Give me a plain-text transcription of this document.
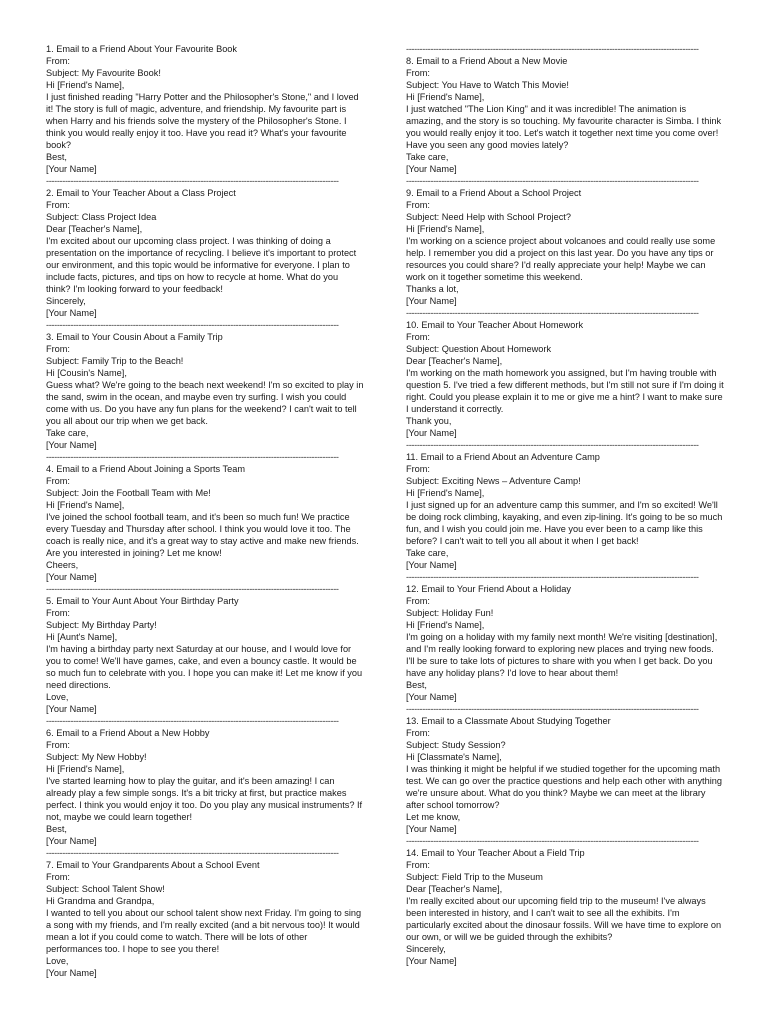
1. Email to a Friend About Your Favourite Book
From:
Subject: My Favourite Book!
Hi [Friend's Name],
I just finished reading "Harry Potter and the Philosopher's Stone," and I loved it! The story is full of magic, adventure, and friendship. My favourite part is when Harry and his friends solve the mystery of the Philosopher's Stone. I think you would really enjoy it too. Have you read it? What's your favourite book?
Best,
[Your Name]
------------------------------------------------------------------------------------------------------------
2. Email to Your Teacher About a Class Project
From:
Subject: Class Project Idea
Dear [Teacher's Name],
I'm excited about our upcoming class project. I was thinking of doing a presentation on the importance of recycling. I believe it's important to protect our environment, and this topic would be informative for everyone. I plan to include facts, pictures, and tips on how to recycle at home. What do you think? I'm looking forward to your feedback!
Sincerely,
[Your Name]
------------------------------------------------------------------------------------------------------------
3. Email to Your Cousin About a Family Trip
From:
Subject: Family Trip to the Beach!
Hi [Cousin's Name],
Guess what? We're going to the beach next weekend! I'm so excited to play in the sand, swim in the ocean, and maybe even try surfing. I wish you could come with us. Do you have any fun plans for the weekend? I can't wait to tell you all about our trip when we get back.
Take care,
[Your Name]
------------------------------------------------------------------------------------------------------------
4. Email to a Friend About Joining a Sports Team
From:
Subject: Join the Football Team with Me!
Hi [Friend's Name],
I've joined the school football team, and it's been so much fun! We practice every Tuesday and Thursday after school. I think you would love it too. The coach is really nice, and it's a great way to stay active and make new friends. Are you interested in joining? Let me know!
Cheers,
[Your Name]
------------------------------------------------------------------------------------------------------------
5. Email to Your Aunt About Your Birthday Party
From:
Subject: My Birthday Party!
Hi [Aunt's Name],
I'm having a birthday party next Saturday at our house, and I would love for you to come! We'll have games, cake, and even a bouncy castle. It would be so much fun to celebrate with you. I hope you can make it! Let me know if you need directions.
Love,
[Your Name]
------------------------------------------------------------------------------------------------------------
6. Email to a Friend About a New Hobby
From:
Subject: My New Hobby!
Hi [Friend's Name],
I've started learning how to play the guitar, and it's been amazing! I can already play a few simple songs. It's a bit tricky at first, but practice makes perfect. I think you would enjoy it too. Do you play any musical instruments? If not, maybe we could learn together!
Best,
[Your Name]
------------------------------------------------------------------------------------------------------------
7. Email to Your Grandparents About a School Event
From:
Subject: School Talent Show!
Hi Grandma and Grandpa,
I wanted to tell you about our school talent show next Friday. I'm going to sing a song with my friends, and I'm really excited (and a bit nervous too)! It would mean a lot if you could come to watch. There will be lots of other performances too. I hope to see you there!
Love,
[Your Name]
------------------------------------------------------------------------------------------------------------
8. Email to a Friend About a New Movie
From:
Subject: You Have to Watch This Movie!
Hi [Friend's Name],
I just watched "The Lion King" and it was incredible! The animation is amazing, and the story is so touching. My favourite character is Simba. I think you would really enjoy it too. Let's watch it together next time you come over! Have you seen any good movies lately?
Take care,
[Your Name]
------------------------------------------------------------------------------------------------------------
9. Email to a Friend About a School Project
From:
Subject: Need Help with School Project?
Hi [Friend's Name],
I'm working on a science project about volcanoes and could really use some help. I remember you did a project on this last year. Do you have any tips or resources you could share? I'd really appreciate your help! Maybe we can work on it together sometime this weekend.
Thanks a lot,
[Your Name]
------------------------------------------------------------------------------------------------------------
10. Email to Your Teacher About Homework
From:
Subject: Question About Homework
Dear [Teacher's Name],
I'm working on the math homework you assigned, but I'm having trouble with question 5. I've tried a few different methods, but I'm still not sure if I'm doing it right. Could you please explain it to me or give me a hint? I want to make sure I understand it correctly.
Thank you,
[Your Name]
------------------------------------------------------------------------------------------------------------
11. Email to a Friend About an Adventure Camp
From:
Subject: Exciting News – Adventure Camp!
Hi [Friend's Name],
I just signed up for an adventure camp this summer, and I'm so excited! We'll be doing rock climbing, kayaking, and even zip-lining. It's going to be so much fun, and I wish you could join me. Have you ever been to a camp like this before? I can't wait to tell you all about it when I get back!
Take care,
[Your Name]
------------------------------------------------------------------------------------------------------------
12. Email to Your Friend About a Holiday
From:
Subject: Holiday Fun!
Hi [Friend's Name],
I'm going on a holiday with my family next month! We're visiting [destination], and I'm really looking forward to exploring new places and trying new foods. I'll be sure to take lots of pictures to share with you when I get back. Do you have any holiday plans? I'd love to hear about them!
Best,
[Your Name]
------------------------------------------------------------------------------------------------------------
13. Email to a Classmate About Studying Together
From:
Subject: Study Session?
Hi [Classmate's Name],
I was thinking it might be helpful if we studied together for the upcoming math test. We can go over the practice questions and help each other with anything we're unsure about. What do you think? Maybe we can meet at the library after school tomorrow?
Let me know,
[Your Name]
------------------------------------------------------------------------------------------------------------
14. Email to Your Teacher About a Field Trip
From:
Subject: Field Trip to the Museum
Dear [Teacher's Name],
I'm really excited about our upcoming field trip to the museum! I've always been interested in history, and I can't wait to see all the exhibits. I'm particularly excited about the dinosaur fossils. Will we have time to explore on our own, or will we be guided through the exhibits?
Sincerely,
[Your Name]
